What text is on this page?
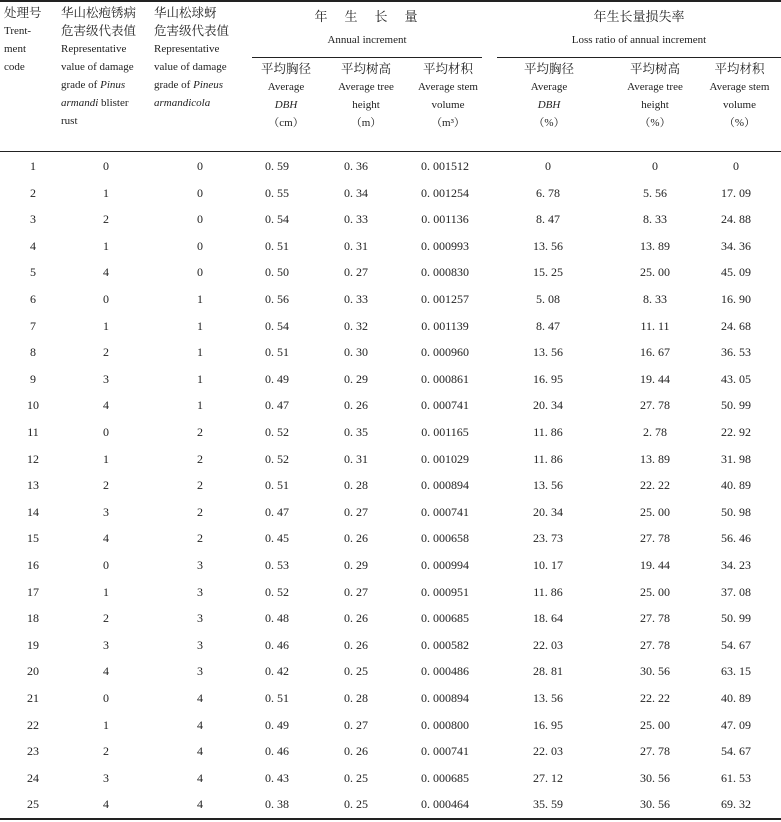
处理号
Trent-
ment
code
华山松疱锈病
危害级代表值
Representative
value of damage
grade of Pinus
armandi blister
rust
华山松球蚜
危害级代表值
Representative
value of damage
grade of Pineus
armandicola
年　生　长　量
Annual increment
年生长量损失率
Loss ratio of annual increment
平均胸径
Average
DBH
（cm）
平均树高
Average tree
height
（m）
平均材积
Average stem
volume
（m³）
平均胸径
Average
DBH
（%）
平均树高
Average tree
height
（%）
平均材积
Average stem
volume
（%）
1	0	0	0. 59	0. 36	0. 001512	0	0	0
2	1	0	0. 55	0. 34	0. 001254	6. 78	5. 56	17. 09
3	2	0	0. 54	0. 33	0. 001136	8. 47	8. 33	24. 88
4	1	0	0. 51	0. 31	0. 000993	13. 56	13. 89	34. 36
5	4	0	0. 50	0. 27	0. 000830	15. 25	25. 00	45. 09
6	0	1	0. 56	0. 33	0. 001257	5. 08	8. 33	16. 90
7	1	1	0. 54	0. 32	0. 001139	8. 47	11. 11	24. 68
8	2	1	0. 51	0. 30	0. 000960	13. 56	16. 67	36. 53
9	3	1	0. 49	0. 29	0. 000861	16. 95	19. 44	43. 05
10	4	1	0. 47	0. 26	0. 000741	20. 34	27. 78	50. 99
11	0	2	0. 52	0. 35	0. 001165	11. 86	2. 78	22. 92
12	1	2	0. 52	0. 31	0. 001029	11. 86	13. 89	31. 98
13	2	2	0. 51	0. 28	0. 000894	13. 56	22. 22	40. 89
14	3	2	0. 47	0. 27	0. 000741	20. 34	25. 00	50. 98
15	4	2	0. 45	0. 26	0. 000658	23. 73	27. 78	56. 46
16	0	3	0. 53	0. 29	0. 000994	10. 17	19. 44	34. 23
17	1	3	0. 52	0. 27	0. 000951	11. 86	25. 00	37. 08
18	2	3	0. 48	0. 26	0. 000685	18. 64	27. 78	50. 99
19	3	3	0. 46	0. 26	0. 000582	22. 03	27. 78	54. 67
20	4	3	0. 42	0. 25	0. 000486	28. 81	30. 56	63. 15
21	0	4	0. 51	0. 28	0. 000894	13. 56	22. 22	40. 89
22	1	4	0. 49	0. 27	0. 000800	16. 95	25. 00	47. 09
23	2	4	0. 46	0. 26	0. 000741	22. 03	27. 78	54. 67
24	3	4	0. 43	0. 25	0. 000685	27. 12	30. 56	61. 53
25	4	4	0. 38	0. 25	0. 000464	35. 59	30. 56	69. 32
